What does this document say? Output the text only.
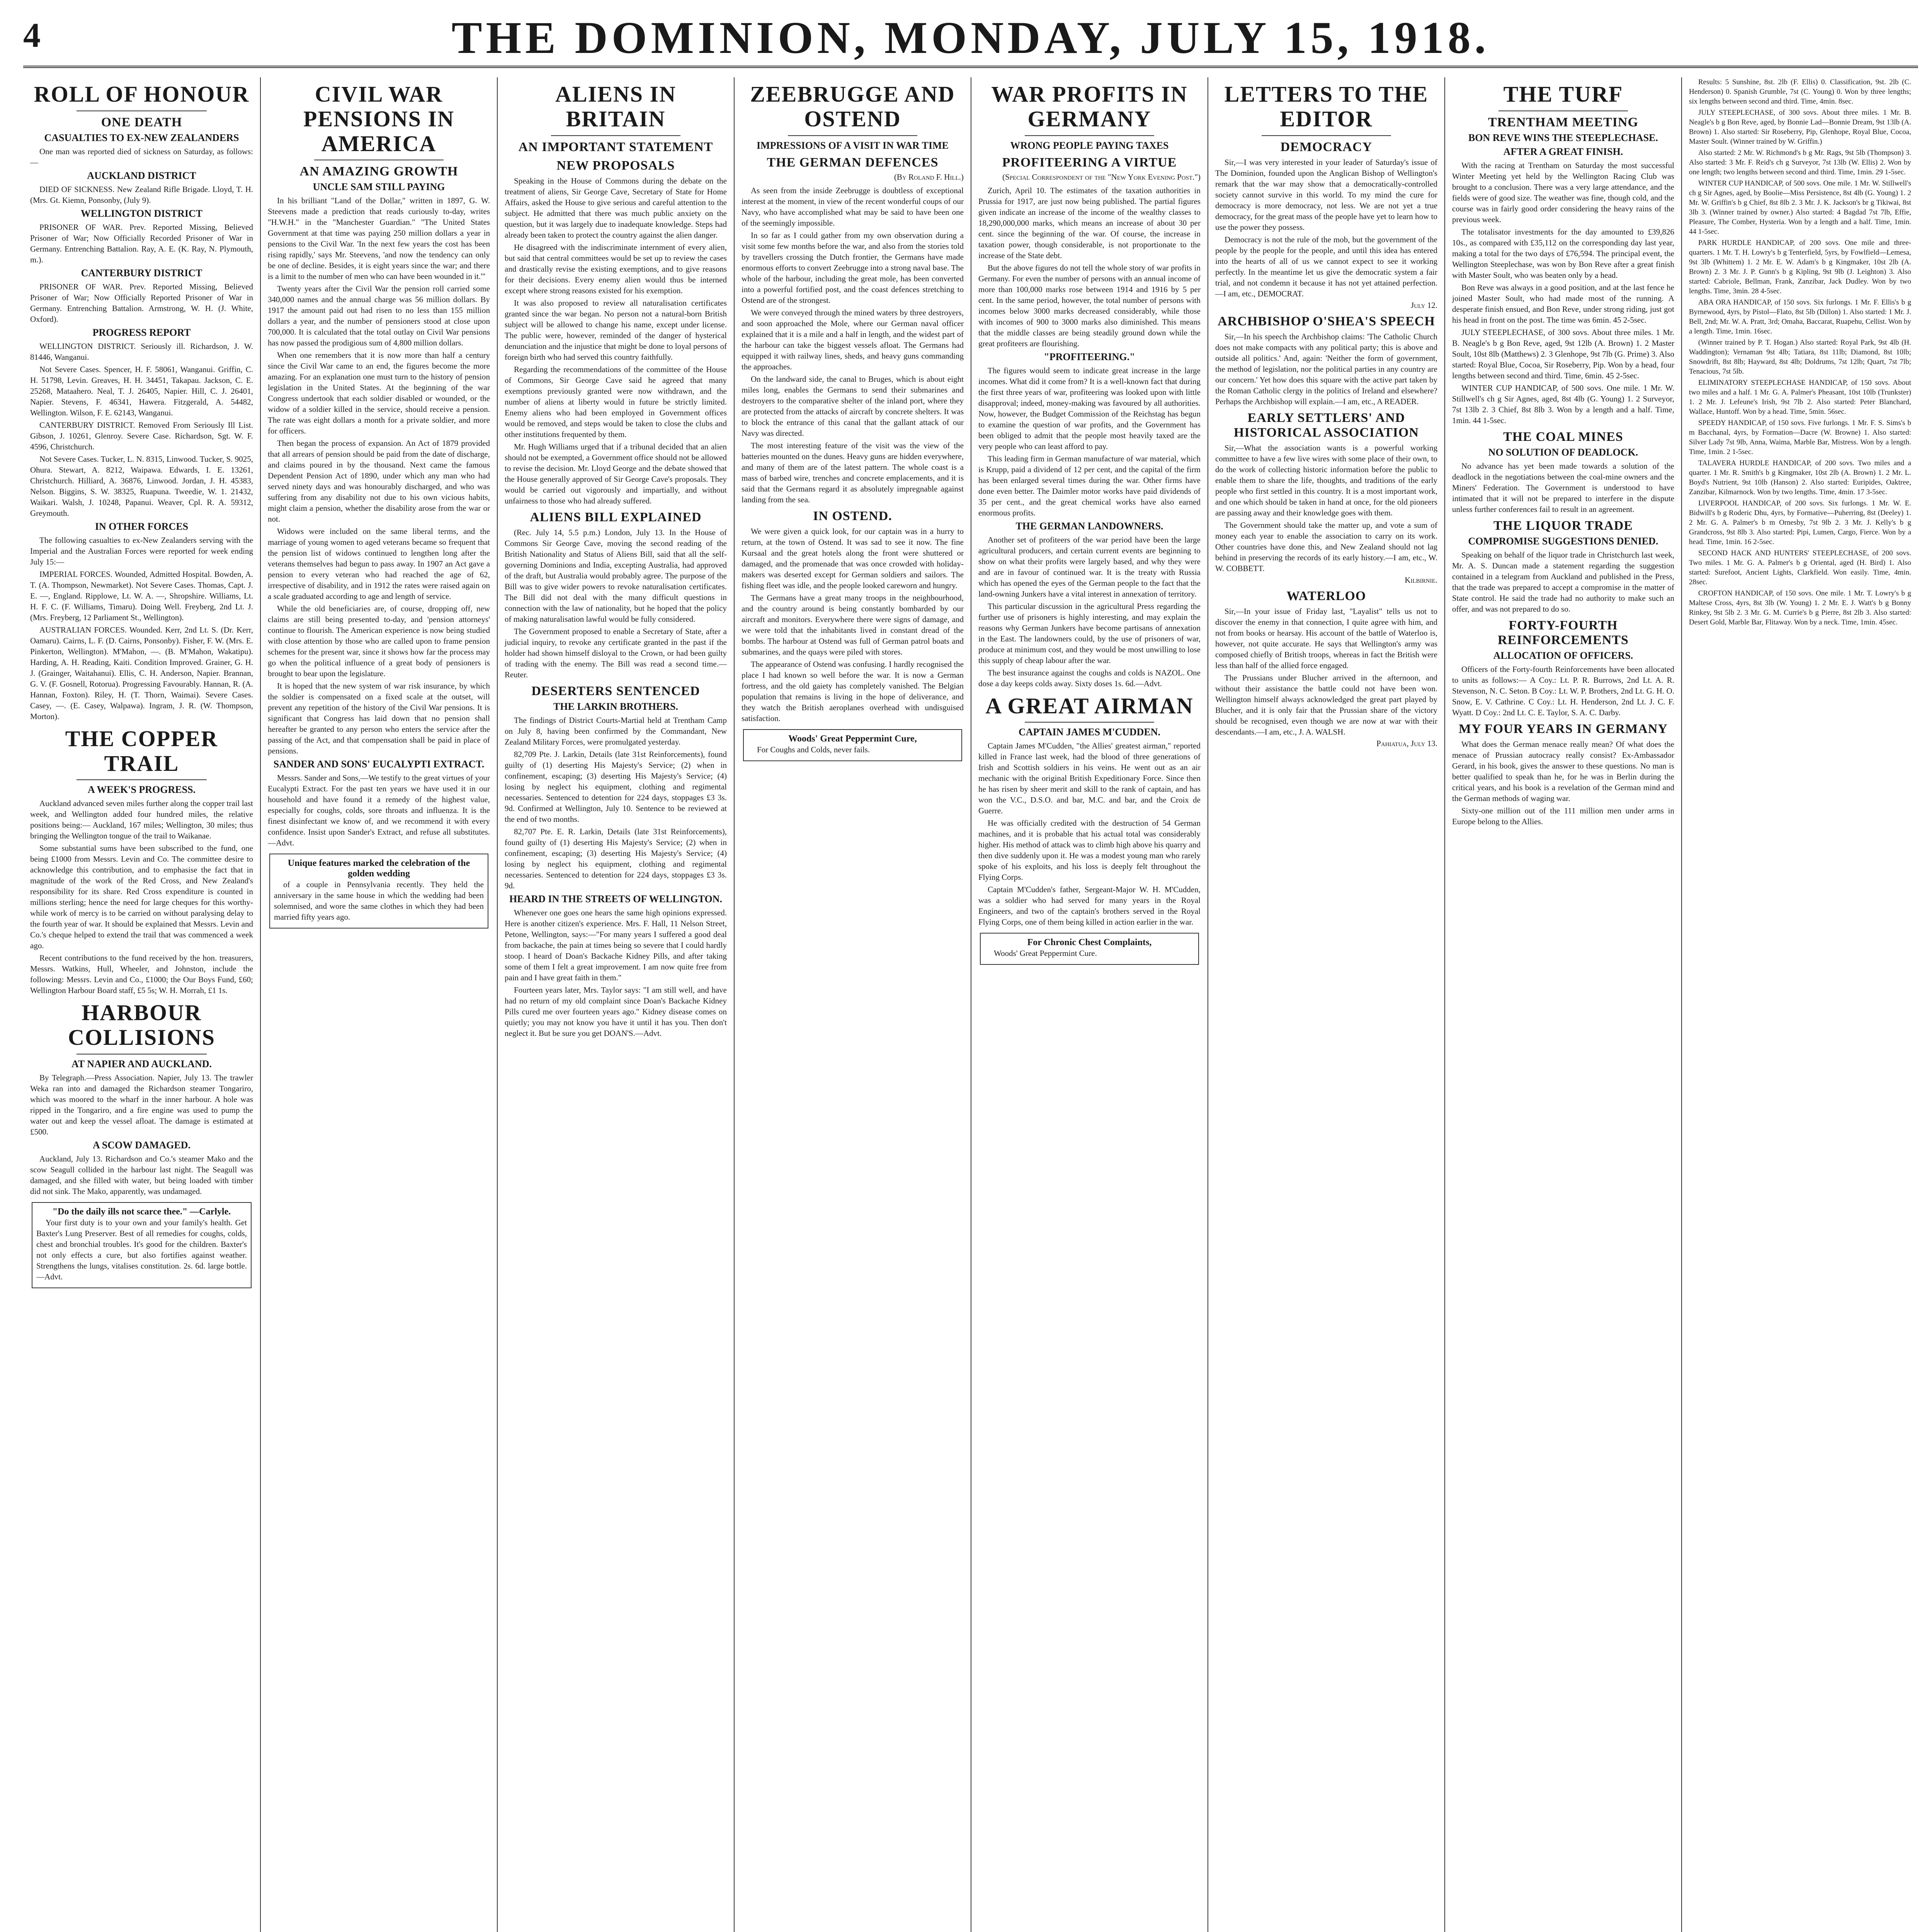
4	THE DOMINION, MONDAY, JULY 15, 1918.
ROLL OF HONOUR
ONE DEATH
CASUALTIES TO EX-NEW ZEALANDERS

One man was reported died of sickness on Saturday, as follows:—

AUCKLAND DISTRICT

DIED OF SICKNESS. New Zealand Rifle Brigade. Lloyd, T. H. (Mrs. Gt. Kiemn, Ponsonby, (July 9).

WELLINGTON DISTRICT

PRISONER OF WAR. Prev. Reported Missing, Believed Prisoner of War; Now Officially Recorded Prisoner of War in Germany. Entrenching Battalion. Ray, A. E. (K. Ray, N. Plymouth, m.).

CANTERBURY DISTRICT

PRISONER OF WAR. Prev. Reported Missing, Believed Prisoner of War; Now Officially Reported Prisoner of War in Germany. Entrenching Battalion. Armstrong, W. H. (J. White, Oxford).

PROGRESS REPORT

WELLINGTON DISTRICT. Seriously ill. Richardson, J. W. 81446, Wanganui.

Not Severe Cases. Spencer, H. F. 58061, Wanganui. Griffin, C. H. 51798, Levin. Greaves, H. H. 34451, Takapau. Jackson, C. E. 25268, Mataahero. Neal, T. J. 26405, Napier. Hill, C. J. 26401, Napier. Stevens, F. 46341, Hawera. Fitzgerald, A. 54482, Wellington. Wilson, F. E. 62143, Wanganui.

CANTERBURY DISTRICT. Removed From Seriously Ill List. Gibson, J. 10261, Glenroy. Severe Case. Richardson, Sgt. W. F. 4596, Christchurch.

Not Severe Cases. Tucker, L. N. 8315, Linwood. Tucker, S. 9025, Ohura. Stewart, A. 8212, Waipawa. Edwards, I. E. 13261, Christchurch. Hilliard, A. 36876, Linwood. Jordan, J. H. 45383, Nelson. Biggins, S. W. 38325, Ruapuna. Tweedie, W. 1. 21432, Waikari. Walsh, J. 10248, Papanui. Weaver, Cpl. R. A. 59312, Greymouth.

IN OTHER FORCES

The following casualties to ex-New Zealanders serving with the Imperial and the Australian Forces were reported for week ending July 15:—

IMPERIAL FORCES. Wounded, Admitted Hospital. Bowden, A. T. (A. Thompson, Newmarket). Not Severe Cases. Thomas, Capt. J. E. —, England. Ripplowe, Lt. W. A. —, Shropshire. Williams, Lt. H. F. C. (F. Williams, Timaru). Doing Well. Freyberg, 2nd Lt. J. (Mrs. Freyberg, 12 Parliament St., Wellington).

AUSTRALIAN FORCES. Wounded. Kerr, 2nd Lt. S. (Dr. Kerr, Oamaru). Cairns, L. F. (D. Cairns, Ponsonby). Fisher, F. W. (Mrs. E. Pinkerton, Wellington). M'Mahon, —. (B. M'Mahon, Wakatipu). Harding, A. H. Reading, Kaiti. Condition Improved. Grainer, G. H. J. (Grainger, Waitahanui). Ellis, C. H. Anderson, Napier. Brannan, G. V. (F. Gosnell, Rotorua). Progressing Favourably. Hannan, R. (A. Hannan, Foxton). Riley, H. (T. Thorn, Waimai). Severe Cases. Casey, —. (E. Casey, Walpawa). Ingram, J. R. (W. Thompson, Morton).

THE COPPER TRAIL
A WEEK'S PROGRESS.

Auckland advanced seven miles further along the copper trail last week, and Wellington added four hundred miles, the relative positions being:— Auckland, 167 miles; Wellington, 30 miles; thus bringing the Wellington tongue of the trail to Waikanae.

Some substantial sums have been subscribed to the fund, one being £1000 from Messrs. Levin and Co. The committee desire to acknowledge this contribution, and to emphasise the fact that in magnitude of the work of the Red Cross, and New Zealand's responsibility for its share. Red Cross expenditure is counted in millions sterling; hence the need for large cheques for this worthy-while work of mercy is to be carried on without paralysing delay to the fourth year of war. It should be explained that Messrs. Levin and Co.'s cheque helped to extend the trail that was commenced a week ago.

Recent contributions to the fund received by the hon. treasurers, Messrs. Watkins, Hull, Wheeler, and Johnston, include the following: Messrs. Levin and Co., £1000; the Our Boys Fund, £60; Wellington Harbour Board staff, £5 5s; W. H. Morrah, £1 1s.

HARBOUR COLLISIONS
AT NAPIER AND AUCKLAND.

By Telegraph.—Press Association. Napier, July 13. The trawler Weka ran into and damaged the Richardson steamer Tongariro, which was moored to the wharf in the inner harbour. A hole was ripped in the Tongariro, and a fire engine was used to pump the water out and keep the vessel afloat. The damage is estimated at £500.

A SCOW DAMAGED.

Auckland, July 13. Richardson and Co.'s steamer Mako and the scow Seagull collided in the harbour last night. The Seagull was damaged, and she filled with water, but being loaded with timber did not sink. The Mako, apparently, was undamaged.

"Do the daily ills not scarce thee." —Carlyle.

Your first duty is to your own and your family's health. Get Baxter's Lung Preserver. Best of all remedies for coughs, colds, chest and bronchial troubles. It's good for the children. Baxter's not only effects a cure, but also fortifies against weather. Strengthens the lungs, vitalises constitution. 2s. 6d. large bottle.—Advt.

CIVIL WAR PENSIONS IN AMERICA
AN AMAZING GROWTH
UNCLE SAM STILL PAYING

In his brilliant "Land of the Dollar," written in 1897, G. W. Steevens made a prediction that reads curiously to-day, writes "H.W.H." in the "Manchester Guardian." "The United States Government at that time was paying 250 million dollars a year in pensions to the Civil War. 'In the next few years the cost has been rising rapidly,' says Mr. Steevens, 'and now the tendency can only be one of decline. Besides, it is eight years since the war; and there is a limit to the number of men who can have been wounded in it.'"

Twenty years after the Civil War the pension roll carried some 340,000 names and the annual charge was 56 million dollars. By 1917 the amount paid out had risen to no less than 155 million dollars a year, and the number of pensioners stood at close upon 700,000. It is calculated that the total outlay on Civil War pensions has now passed the prodigious sum of 4,800 million dollars.

When one remembers that it is now more than half a century since the Civil War came to an end, the figures become the more amazing. For an explanation one must turn to the history of pension legislation in the United States. At the beginning of the war Congress undertook that each soldier disabled or wounded, or the widow of a soldier killed in the service, should receive a pension. The rate was eight dollars a month for a private soldier, and more for officers.

Then began the process of expansion. An Act of 1879 provided that all arrears of pension should be paid from the date of discharge, and claims poured in by the thousand. Next came the famous Dependent Pension Act of 1890, under which any man who had served ninety days and was honourably discharged, and who was suffering from any disability not due to his own vicious habits, might claim a pension, whether the disability arose from the war or not.

Widows were included on the same liberal terms, and the marriage of young women to aged veterans became so frequent that the pension list of widows continued to lengthen long after the veterans themselves had begun to pass away. In 1907 an Act gave a pension to every veteran who had reached the age of 62, irrespective of disability, and in 1912 the rates were raised again on a scale graduated according to age and length of service.

While the old beneficiaries are, of course, dropping off, new claims are still being presented to-day, and 'pension attorneys' continue to flourish. The American experience is now being studied with close attention by those who are called upon to frame pension schemes for the present war, since it shows how far the process may go when the political influence of a great body of pensioners is brought to bear upon the legislature.

It is hoped that the new system of war risk insurance, by which the soldier is compensated on a fixed scale at the outset, will prevent any repetition of the history of the Civil War pensions. It is significant that Congress has laid down that no pension shall hereafter be granted to any person who enters the service after the passing of the Act, and that compensation shall be paid in place of pensions.

SANDER AND SONS' EUCALYPTI EXTRACT.

Messrs. Sander and Sons,—We testify to the great virtues of your Eucalypti Extract. For the past ten years we have used it in our household and have found it a remedy of the highest value, especially for coughs, colds, sore throats and influenza. It is the finest disinfectant we know of, and we recommend it with every confidence. Insist upon Sander's Extract, and refuse all substitutes.—Advt.

Unique features marked the celebration of the golden wedding

of a couple in Pennsylvania recently. They held the anniversary in the same house in which the wedding had been solemnised, and wore the same clothes in which they had been married fifty years ago.

ALIENS IN BRITAIN
AN IMPORTANT STATEMENT
NEW PROPOSALS

Speaking in the House of Commons during the debate on the treatment of aliens, Sir George Cave, Secretary of State for Home Affairs, asked the House to give serious and careful attention to the subject. He admitted that there was much public anxiety on the question, but it was largely due to inadequate knowledge. Steps had already been taken to protect the country against the alien danger.

He disagreed with the indiscriminate internment of every alien, but said that central committees would be set up to review the cases and drastically revise the existing exemptions, and to give reasons for their decisions. Every enemy alien would thus be interned except where strong reasons existed for his exemption.

It was also proposed to review all naturalisation certificates granted since the war began. No person not a natural-born British subject will be allowed to change his name, except under license. The public were, however, reminded of the danger of hysterical denunciation and the injustice that might be done to loyal persons of foreign birth who had served this country faithfully.

Regarding the recommendations of the committee of the House of Commons, Sir George Cave said he agreed that many exemptions previously granted were now withdrawn, and the number of aliens at liberty would in future be strictly limited. Enemy aliens who had been employed in Government offices would be removed, and steps would be taken to close the clubs and other institutions frequented by them.

Mr. Hugh Williams urged that if a tribunal decided that an alien should not be exempted, a Government office should not be allowed to revise the decision. Mr. Lloyd George and the debate showed that the House generally approved of Sir George Cave's proposals. They would be carried out vigorously and impartially, and without unfairness to those who had already suffered.

ALIENS BILL EXPLAINED

(Rec. July 14, 5.5 p.m.) London, July 13. In the House of Commons Sir George Cave, moving the second reading of the British Nationality and Status of Aliens Bill, said that all the self-governing Dominions and India, excepting Australia, had approved of the draft, but Australia would probably agree. The purpose of the Bill was to give wider powers to revoke naturalisation certificates. The Bill did not deal with the many difficult questions in connection with the law of nationality, but he hoped that the policy of making naturalisation lawful would be fully considered.

The Government proposed to enable a Secretary of State, after a judicial inquiry, to revoke any certificate granted in the past if the holder had shown himself disloyal to the Crown, or had been guilty of trading with the enemy. The Bill was read a second time.—Reuter.

DESERTERS SENTENCED
THE LARKIN BROTHERS.

The findings of District Courts-Martial held at Trentham Camp on July 8, having been confirmed by the Commandant, New Zealand Military Forces, were promulgated yesterday.

82,709 Pte. J. Larkin, Details (late 31st Reinforcements), found guilty of (1) deserting His Majesty's Service; (2) when in confinement, escaping; (3) deserting His Majesty's Service; (4) losing by neglect his equipment, clothing and regimental necessaries. Sentenced to detention for 224 days, stoppages £3 3s. 9d. Confirmed at Wellington, July 10. Sentence to be reviewed at the end of two months.

82,707 Pte. E. R. Larkin, Details (late 31st Reinforcements), found guilty of (1) deserting His Majesty's Service; (2) when in confinement, escaping; (3) deserting His Majesty's Service; (4) losing by neglect his equipment, clothing and regimental necessaries. Sentenced to detention for 224 days, stoppages £3 3s. 9d.

HEARD IN THE STREETS OF WELLINGTON.

Whenever one goes one hears the same high opinions expressed. Here is another citizen's experience. Mrs. F. Hall, 11 Nelson Street, Petone, Wellington, says:—"For many years I suffered a good deal from backache, the pain at times being so severe that I could hardly stoop. I heard of Doan's Backache Kidney Pills, and after taking some of them I felt a great improvement. I am now quite free from pain and I have great faith in them."

Fourteen years later, Mrs. Taylor says: "I am still well, and have had no return of my old complaint since Doan's Backache Kidney Pills cured me over fourteen years ago." Kidney disease comes on quietly; you may not know you have it until it has you. Then don't neglect it. But be sure you get DOAN'S.—Advt.

ZEEBRUGGE AND OSTEND
IMPRESSIONS OF A VISIT IN WAR TIME
THE GERMAN DEFENCES
(By Roland F. Hill.)

As seen from the inside Zeebrugge is doubtless of exceptional interest at the moment, in view of the recent wonderful coups of our Navy, who have accomplished what may be said to have been one of the seemingly impossible.

In so far as I could gather from my own observation during a visit some few months before the war, and also from the stories told by travellers crossing the Dutch frontier, the Germans have made enormous efforts to convert Zeebrugge into a strong naval base. The whole of the harbour, including the great mole, has been converted into a powerful fortified post, and the coast defences stretching to Ostend are of the strongest.

We were conveyed through the mined waters by three destroyers, and soon approached the Mole, where our German naval officer explained that it is a mile and a half in length, and the widest part of the harbour can take the biggest vessels afloat. The Germans had equipped it with railway lines, sheds, and heavy guns commanding the approaches.

On the landward side, the canal to Bruges, which is about eight miles long, enables the Germans to send their submarines and destroyers to the comparative shelter of the inland port, where they are protected from the attacks of aircraft by concrete shelters. It was to block the entrance of this canal that the gallant attack of our Navy was directed.

The most interesting feature of the visit was the view of the batteries mounted on the dunes. Heavy guns are hidden everywhere, and many of them are of the latest pattern. The whole coast is a mass of barbed wire, trenches and concrete emplacements, and it is said that the Germans regard it as absolutely impregnable against landing from the sea.

IN OSTEND.

We were given a quick look, for our captain was in a hurry to return, at the town of Ostend. It was sad to see it now. The fine Kursaal and the great hotels along the front were shuttered or damaged, and the promenade that was once crowded with holiday-makers was deserted except for German soldiers and sailors. The fishing fleet was idle, and the people looked careworn and hungry.

The Germans have a great many troops in the neighbourhood, and the country around is being constantly bombarded by our aircraft and monitors. Everywhere there were signs of damage, and we were told that the inhabitants lived in constant dread of the bombs. The harbour at Ostend was full of German patrol boats and submarines, and the quays were piled with stores.

The appearance of Ostend was confusing. I hardly recognised the place I had known so well before the war. It is now a German fortress, and the old gaiety has completely vanished. The Belgian population that remains is living in the hope of deliverance, and they watch the British aeroplanes overhead with undisguised satisfaction.

Woods' Great Peppermint Cure,

For Coughs and Colds, never fails.

WAR PROFITS IN GERMANY
WRONG PEOPLE PAYING TAXES
PROFITEERING A VIRTUE
(Special Correspondent of the "New York Evening Post.")

Zurich, April 10. The estimates of the taxation authorities in Prussia for 1917, are just now being published. The partial figures given indicate an increase of the income of the wealthy classes to 18,290,000,000 marks, which means an increase of about 30 per cent. since the beginning of the war. Of course, the increase in taxation power, though considerable, is not proportionate to the increase of the State debt.

But the above figures do not tell the whole story of war profits in Germany. For even the number of persons with an annual income of more than 100,000 marks rose between 1914 and 1916 by 5 per cent. In the same period, however, the total number of persons with incomes below 3000 marks decreased considerably, while those with incomes of 900 to 3000 marks also diminished. This means that the middle classes are being steadily ground down while the great profiteers are flourishing.

"PROFITEERING."

The figures would seem to indicate great increase in the large incomes. What did it come from? It is a well-known fact that during the first three years of war, profiteering was looked upon with little disapproval; indeed, money-making was favoured by all authorities. Now, however, the Budget Commission of the Reichstag has begun to examine the question of war profits, and the Government has been obliged to admit that the people most heavily taxed are the very people who can least afford to pay.

This leading firm in German manufacture of war material, which is Krupp, paid a dividend of 12 per cent, and the capital of the firm has been enlarged several times during the war. Other firms have done even better. The Daimler motor works have paid dividends of 35 per cent., and the great chemical works have also earned enormous profits.

THE GERMAN LANDOWNERS.

Another set of profiteers of the war period have been the large agricultural producers, and certain current events are beginning to show on what their profits were largely based, and why they were and are in favour of continued war. It is the treaty with Russia which has opened the eyes of the German people to the fact that the land-owning Junkers have a vital interest in annexation of territory.

This particular discussion in the agricultural Press regarding the further use of prisoners is highly interesting, and may explain the reasons why German Junkers have become partisans of annexation in the East. The landowners could, by the use of prisoners of war, produce at minimum cost, and they would be most unwilling to lose this supply of cheap labour after the war.

The best insurance against the coughs and colds is NAZOL. One dose a day keeps colds away. Sixty doses 1s. 6d.—Advt.

A GREAT AIRMAN
CAPTAIN JAMES M'CUDDEN.

Captain James M'Cudden, "the Allies' greatest airman," reported killed in France last week, had the blood of three generations of Irish and Scottish soldiers in his veins. He went out as an air mechanic with the original British Expeditionary Force. Since then he has risen by sheer merit and skill to the rank of captain, and has won the V.C., D.S.O. and bar, M.C. and bar, and the Croix de Guerre.

He was officially credited with the destruction of 54 German machines, and it is probable that his actual total was considerably higher. His method of attack was to climb high above his quarry and then dive suddenly upon it. He was a modest young man who rarely spoke of his exploits, and his loss is deeply felt throughout the Flying Corps.

Captain M'Cudden's father, Sergeant-Major W. H. M'Cudden, was a soldier who had served for many years in the Royal Engineers, and two of the captain's brothers served in the Royal Flying Corps, one of them being killed in action earlier in the war.

For Chronic Chest Complaints,

Woods' Great Peppermint Cure.

LETTERS TO THE EDITOR
DEMOCRACY

Sir,—I was very interested in your leader of Saturday's issue of The Dominion, founded upon the Anglican Bishop of Wellington's remark that the war may show that a democratically-controlled society cannot survive in this world. To my mind the cure for democracy is more democracy, not less. We are not yet a true democracy, for the great mass of the people have yet to learn how to use the power they possess.

Democracy is not the rule of the mob, but the government of the people by the people for the people, and until this idea has entered into the hearts of all of us we cannot expect to see it working perfectly. In the meantime let us give the democratic system a fair trial, and not condemn it because it has not yet attained perfection.—I am, etc., DEMOCRAT.

July 12.
ARCHBISHOP O'SHEA'S SPEECH

Sir,—In his speech the Archbishop claims: 'The Catholic Church does not make compacts with any political party; this is above and outside all politics.' And, again: 'Neither the form of government, the method of legislation, nor the political parties in any country are our concern.' Yet how does this square with the active part taken by the Roman Catholic clergy in the politics of Ireland and elsewhere? Perhaps the Archbishop will explain.—I am, etc., A READER.

EARLY SETTLERS' AND HISTORICAL ASSOCIATION

Sir,—What the association wants is a powerful working committee to have a few live wires with some place of their own, to do the work of collecting historic information before the public to enable them to share the life, thoughts, and traditions of the early people who first settled in this country. It is a most important work, and one which should be taken in hand at once, for the old pioneers are passing away and their knowledge goes with them.

The Government should take the matter up, and vote a sum of money each year to enable the association to carry on its work. Other countries have done this, and New Zealand should not lag behind in preserving the records of its early history.—I am, etc., W. W. COBBETT.

Kilbirnie.
WATERLOO

Sir,—In your issue of Friday last, "Layalist" tells us not to discover the enemy in that connection, I quite agree with him, and not from books or hearsay. His account of the battle of Waterloo is, however, not quite accurate. He says that Wellington's army was composed chiefly of British troops, whereas in fact the British were less than half of the allied force engaged.

The Prussians under Blucher arrived in the afternoon, and without their assistance the battle could not have been won. Wellington himself always acknowledged the great part played by Blucher, and it is only fair that the Prussian share of the victory should be recognised, even though we are now at war with their descendants.—I am, etc., J. A. WALSH.

Pahiatua, July 13.
THE TURF
TRENTHAM MEETING
BON REVE WINS THE STEEPLECHASE.
AFTER A GREAT FINISH.

With the racing at Trentham on Saturday the most successful Winter Meeting yet held by the Wellington Racing Club was brought to a conclusion. There was a very large attendance, and the fields were of good size. The weather was fine, though cold, and the course was in fairly good order considering the heavy rains of the previous week.

The totalisator investments for the day amounted to £39,826 10s., as compared with £35,112 on the corresponding day last year, making a total for the two days of £76,594. The principal event, the Wellington Steeplechase, was won by Bon Reve after a great finish with Master Soult, who was beaten only by a head.

Bon Reve was always in a good position, and at the last fence he joined Master Soult, who had made most of the running. A desperate finish ensued, and Bon Reve, under strong riding, just got his head in front on the post. The time was 6min. 45 2-5sec.

JULY STEEPLECHASE, of 300 sovs. About three miles. 1 Mr. B. Neagle's b g Bon Reve, aged, 9st 12lb (A. Brown) 1. 2 Master Soult, 10st 8lb (Matthews) 2. 3 Glenhope, 9st 7lb (G. Prime) 3. Also started: Royal Blue, Cocoa, Sir Roseberry, Pip. Won by a head, four lengths between second and third. Time, 6min. 45 2-5sec.

WINTER CUP HANDICAP, of 500 sovs. One mile. 1 Mr. W. Stillwell's ch g Sir Agnes, aged, 8st 4lb (G. Young) 1. 2 Surveyor, 7st 13lb 2. 3 Chief, 8st 8lb 3. Won by a length and a half. Time, 1min. 44 1-5sec.

THE COAL MINES
NO SOLUTION OF DEADLOCK.

No advance has yet been made towards a solution of the deadlock in the negotiations between the coal-mine owners and the Miners' Federation. The Government is understood to have intimated that it will not be prepared to interfere in the dispute unless further conferences fail to result in an agreement.

THE LIQUOR TRADE
COMPROMISE SUGGESTIONS DENIED.

Speaking on behalf of the liquor trade in Christchurch last week, Mr. A. S. Duncan made a statement regarding the suggestion contained in a telegram from Auckland and published in the Press, that the trade was prepared to accept a compromise in the matter of State control. He said the trade had no authority to make such an offer, and was not prepared to do so.

FORTY-FOURTH REINFORCEMENTS
ALLOCATION OF OFFICERS.

Officers of the Forty-fourth Reinforcements have been allocated to units as follows:— A Coy.: Lt. P. R. Burrows, 2nd Lt. A. R. Stevenson, N. C. Seton. B Coy.: Lt. W. P. Brothers, 2nd Lt. G. H. O. Snow, E. V. Cathrine. C Coy.: Lt. H. Henderson, 2nd Lt. J. C. F. Wyatt. D Coy.: 2nd Lt. C. E. Taylor, S. A. C. Darby.

MY FOUR YEARS IN GERMANY

What does the German menace really mean? Of what does the menace of Prussian autocracy really consist? Ex-Ambassador Gerard, in his book, gives the answer to these questions. No man is better qualified to speak than he, for he was in Berlin during the critical years, and his book is a revelation of the German mind and the German methods of waging war.

Sixty-one million out of the 111 million men under arms in Europe belong to the Allies.

Results: 5 Sunshine, 8st. 2lb (F. Ellis) 0. Classification, 9st. 2lb (C. Henderson) 0. Spanish Grumble, 7st (C. Young) 0. Won by three lengths; six lengths between second and third. Time, 4min. 8sec.

JULY STEEPLECHASE, of 300 sovs. About three miles. 1 Mr. B. Neagle's b g Bon Reve, aged, by Bonnie Lad—Bonnie Dream, 9st 13lb (A. Brown) 1. Also started: Sir Roseberry, Pip, Glenhope, Royal Blue, Cocoa, Master Soult. (Winner trained by W. Griffin.)

Also started: 2 Mr. W. Richmond's b g Mr. Rags, 9st 5lb (Thompson) 3. Also started: 3 Mr. F. Reid's ch g Surveyor, 7st 13lb (W. Ellis) 2. Won by one length; two lengths between second and third. Time, 1min. 29 1-5sec.

WINTER CUP HANDICAP, of 500 sovs. One mile. 1 Mr. W. Stillwell's ch g Sir Agnes, aged, by Boolie—Miss Persistence, 8st 4lb (G. Young) 1. 2 Mr. W. Griffin's b g Chief, 8st 8lb 2. 3 Mr. J. K. Jackson's br g Tikiwai, 8st 3lb 3. (Winner trained by owner.) Also started: 4 Bagdad 7st 7lb, Effie, Pleasure, The Comber, Hysteria. Won by a length and a half. Time, 1min. 44 1-5sec.

PARK HURDLE HANDICAP, of 200 sovs. One mile and three-quarters. 1 Mr. T. H. Lowry's b g Tenterfield, 5yrs, by Fowlfield—Lemesa, 9st 3lb (Whittem) 1. 2 Mr. E. W. Adam's b g Kingmaker, 10st 2lb (A. Brown) 2. 3 Mr. J. P. Gunn's b g Kipling, 9st 9lb (J. Leighton) 3. Also started: Cabriole, Bellman, Frank, Zanzibar, Jack Dudley. Won by two lengths. Time, 3min. 28 4-5sec.

ABA ORA HANDICAP, of 150 sovs. Six furlongs. 1 Mr. F. Ellis's b g Byrnewood, 4yrs, by Pistol—Flato, 8st 5lb (Dillon) 1. Also started: 1 Mr. J. Bell, 2nd; Mr. W. A. Pratt, 3rd; Omaha, Baccarat, Ruapehu, Cellist. Won by a length. Time, 1min. 16sec.

(Winner trained by P. T. Hogan.) Also started: Royal Park, 9st 4lb (H. Waddington); Vernaman 9st 4lb; Tatiara, 8st 11lb; Diamond, 8st 10lb; Snowdrift, 8st 8lb; Hayward, 8st 4lb; Doldrums, 7st 12lb; Quart, 7st 7lb; Tenacious, 7st 5lb.

ELIMINATORY STEEPLECHASE HANDICAP, of 150 sovs. About two miles and a half. 1 Mr. G. A. Palmer's Pheasant, 10st 10lb (Trunkster) 1. 2 Mr. J. Lefeune's Irish, 9st 7lb 2. Also started: Peter Blanchard, Wallace, Huntoff. Won by a head. Time, 5min. 56sec.

SPEEDY HANDICAP, of 150 sovs. Five furlongs. 1 Mr. F. S. Sims's b m Bacchanal, 4yrs, by Formation—Dacre (W. Browne) 1. Also started: Silver Lady 7st 9lb, Anna, Waima, Marble Bar, Mistress. Won by a length. Time, 1min. 2 1-5sec.

TALAVERA HURDLE HANDICAP, of 200 sovs. Two miles and a quarter. 1 Mr. R. Smith's b g Kingmaker, 10st 2lb (A. Brown) 1. 2 Mr. L. Boyd's Nutrient, 9st 10lb (Hanson) 2. Also started: Euripides, Oaktree, Zanzibar, Kilmarnock. Won by two lengths. Time, 4min. 17 3-5sec.

LIVERPOOL HANDICAP, of 200 sovs. Six furlongs. 1 Mr. W. E. Bidwill's b g Roderic Dhu, 4yrs, by Formative—Puherring, 8st (Deeley) 1. 2 Mr. G. A. Palmer's b m Ornesby, 7st 9lb 2. 3 Mr. J. Kelly's b g Grandcross, 9st 8lb 3. Also started: Pipi, Lumen, Cargo, Fierce. Won by a head. Time, 1min. 16 2-5sec.

SECOND HACK AND HUNTERS' STEEPLECHASE, of 200 sovs. Two miles. 1 Mr. G. A. Palmer's b g Oriental, aged (H. Bird) 1. Also started: Surefoot, Ancient Lights, Clarkfield. Won easily. Time, 4min. 28sec.

CROFTON HANDICAP, of 150 sovs. One mile. 1 Mr. T. Lowry's b g Maltese Cross, 4yrs, 8st 3lb (W. Young) 1. 2 Mr. E. J. Watt's b g Bonny Rinkey, 9st 5lb 2. 3 Mr. G. M. Currie's b g Pierre, 8st 2lb 3. Also started: Desert Gold, Marble Bar, Flitaway. Won by a neck. Time, 1min. 45sec.
